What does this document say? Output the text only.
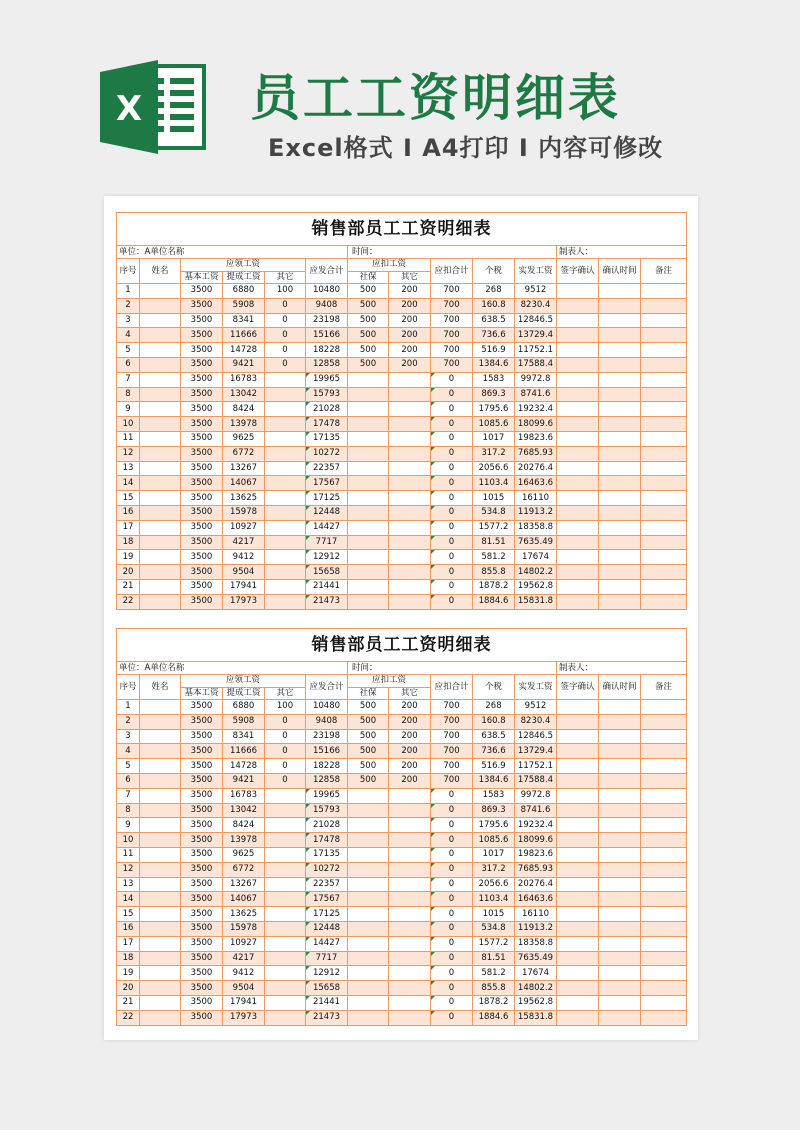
X 员工工资明细表
Excel格式 I A4打印 I 内容可修改
销售部员工工资明细表													
单位：A单位名称						时间：					制表人：		
序号	姓名	应领工资			应发合计	应扣工资		应扣合计	个税	实发工资	签字确认	确认时间	备注
		基本工资	提成工资	其它		社保	其它						
1		3500	6880	100	10480	500	200	700	268	9512			
2		3500	5908	0	9408	500	200	700	160.8	8230.4			
3		3500	8341	0	23198	500	200	700	638.5	12846.5			
4		3500	11666	0	15166	500	200	700	736.6	13729.4			
5		3500	14728	0	18228	500	200	700	516.9	11752.1			
6		3500	9421	0	12858	500	200	700	1384.6	17588.4			
7		3500	16783		19965			0	1583	9972.8			
8		3500	13042		15793			0	869.3	8741.6			
9		3500	8424		21028			0	1795.6	19232.4			
10		3500	13978		17478			0	1085.6	18099.6			
11		3500	9625		17135			0	1017	19823.6			
12		3500	6772		10272			0	317.2	7685.93			
13		3500	13267		22357			0	2056.6	20276.4			
14		3500	14067		17567			0	1103.4	16463.6			
15		3500	13625		17125			0	1015	16110			
16		3500	15978		12448			0	534.8	11913.2			
17		3500	10927		14427			0	1577.2	18358.8			
18		3500	4217		7717			0	81.51	7635.49			
19		3500	9412		12912			0	581.2	17674			
20		3500	9504		15658			0	855.8	14802.2			
21		3500	17941		21441			0	1878.2	19562.8			
22		3500	17973		21473			0	1884.6	15831.8			
销售部员工工资明细表													
单位：A单位名称						时间：					制表人：		
序号	姓名	应领工资			应发合计	应扣工资		应扣合计	个税	实发工资	签字确认	确认时间	备注
		基本工资	提成工资	其它		社保	其它						
1		3500	6880	100	10480	500	200	700	268	9512			
2		3500	5908	0	9408	500	200	700	160.8	8230.4			
3		3500	8341	0	23198	500	200	700	638.5	12846.5			
4		3500	11666	0	15166	500	200	700	736.6	13729.4			
5		3500	14728	0	18228	500	200	700	516.9	11752.1			
6		3500	9421	0	12858	500	200	700	1384.6	17588.4			
7		3500	16783		19965			0	1583	9972.8			
8		3500	13042		15793			0	869.3	8741.6			
9		3500	8424		21028			0	1795.6	19232.4			
10		3500	13978		17478			0	1085.6	18099.6			
11		3500	9625		17135			0	1017	19823.6			
12		3500	6772		10272			0	317.2	7685.93			
13		3500	13267		22357			0	2056.6	20276.4			
14		3500	14067		17567			0	1103.4	16463.6			
15		3500	13625		17125			0	1015	16110			
16		3500	15978		12448			0	534.8	11913.2			
17		3500	10927		14427			0	1577.2	18358.8			
18		3500	4217		7717			0	81.51	7635.49			
19		3500	9412		12912			0	581.2	17674			
20		3500	9504		15658			0	855.8	14802.2			
21		3500	17941		21441			0	1878.2	19562.8			
22		3500	17973		21473			0	1884.6	15831.8			
